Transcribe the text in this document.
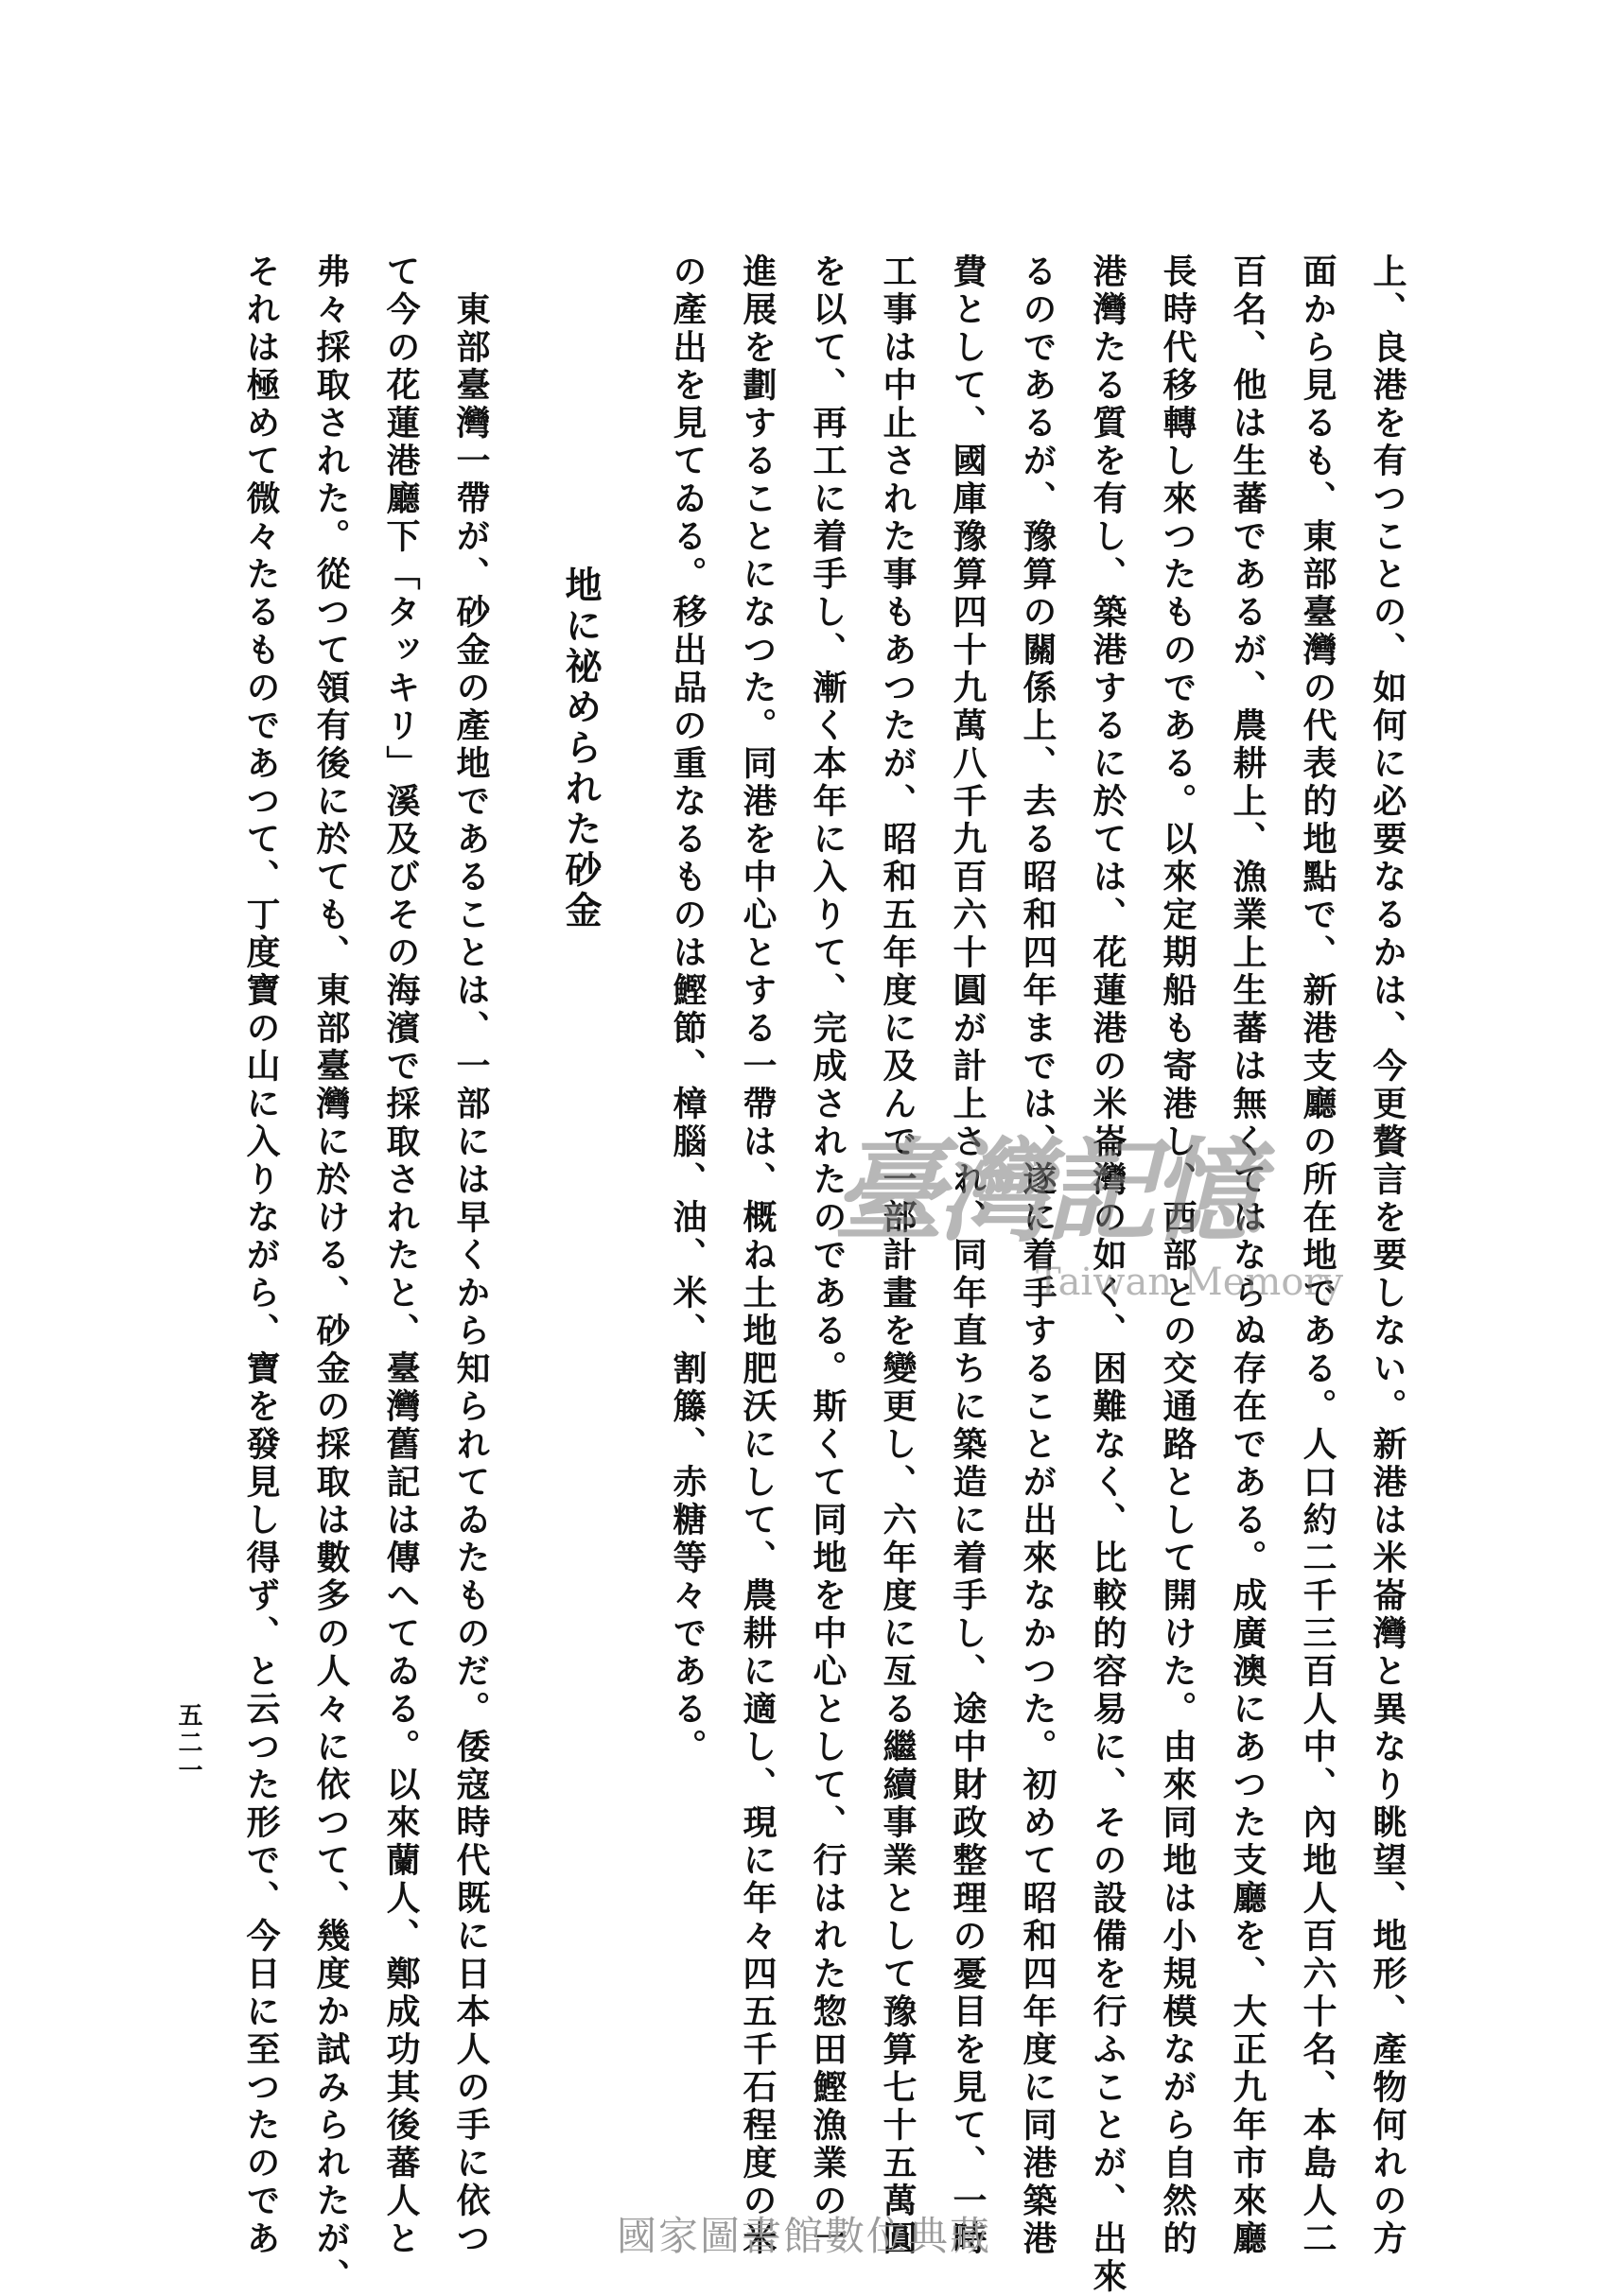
上、良港を有つことの、如何に必要なるかは、今更贅言を要しない。新港は米崙灣と異なり眺望、地形、產物何れの方
面から見るも、東部臺灣の代表的地點で、新港支廳の所在地である。人口約二千三百人中、內地人百六十名、本島人二
百名、他は生蕃であるが、農耕上、漁業上生蕃は無くてはならぬ存在である。成廣澳にあつた支廳を、大正九年市來廳
長時代移轉し來つたものである。以來定期船も寄港し、西部との交通路として開けた。由來同地は小規模ながら自然的
港灣たる質を有し、築港するに於ては、花蓮港の米崙灣の如く、困難なく、比較的容易に、その設備を行ふことが、出來
るのであるが、豫算の關係上、去る昭和四年までは、遂に着手することが出來なかつた。初めて昭和四年度に同港築港
費として、國庫豫算四十九萬八千九百六十圓が計上され、同年直ちに築造に着手し、途中財政整理の憂目を見て、一時
工事は中止された事もあつたが、昭和五年度に及んで一部計畫を變更し、六年度に亙る繼續事業として豫算七十五萬圓
を以て、再工に着手し、漸く本年に入りて、完成されたのである。斯くて同地を中心として、行はれた惣田鰹漁業の一
進展を劃することになつた。同港を中心とする一帶は、概ね土地肥沃にして、農耕に適し、現に年々四五千石程度の米
の產出を見てゐる。移出品の重なるものは鰹節、樟腦、油、米、割籐、赤糖等々である。
地に祕められた砂金
　東部臺灣一帶が、砂金の產地であることは、一部には早くから知られてゐたものだ。倭寇時代既に日本人の手に依つ
て今の花蓮港廳下「タッキリ」溪及びその海濱で採取されたと、臺灣舊記は傳へてゐる。以來蘭人、鄭成功其後蕃人と
弗々採取された。從つて領有後に於ても、東部臺灣に於ける、砂金の採取は數多の人々に依つて、幾度か試みられたが、
それは極めて微々たるものであつて、丁度寶の山に入りながら、寶を發見し得ず、と云つた形で、今日に至つたのであ
五二一
臺灣記憶
Taiwan Memory
國家圖書館數位典藏
